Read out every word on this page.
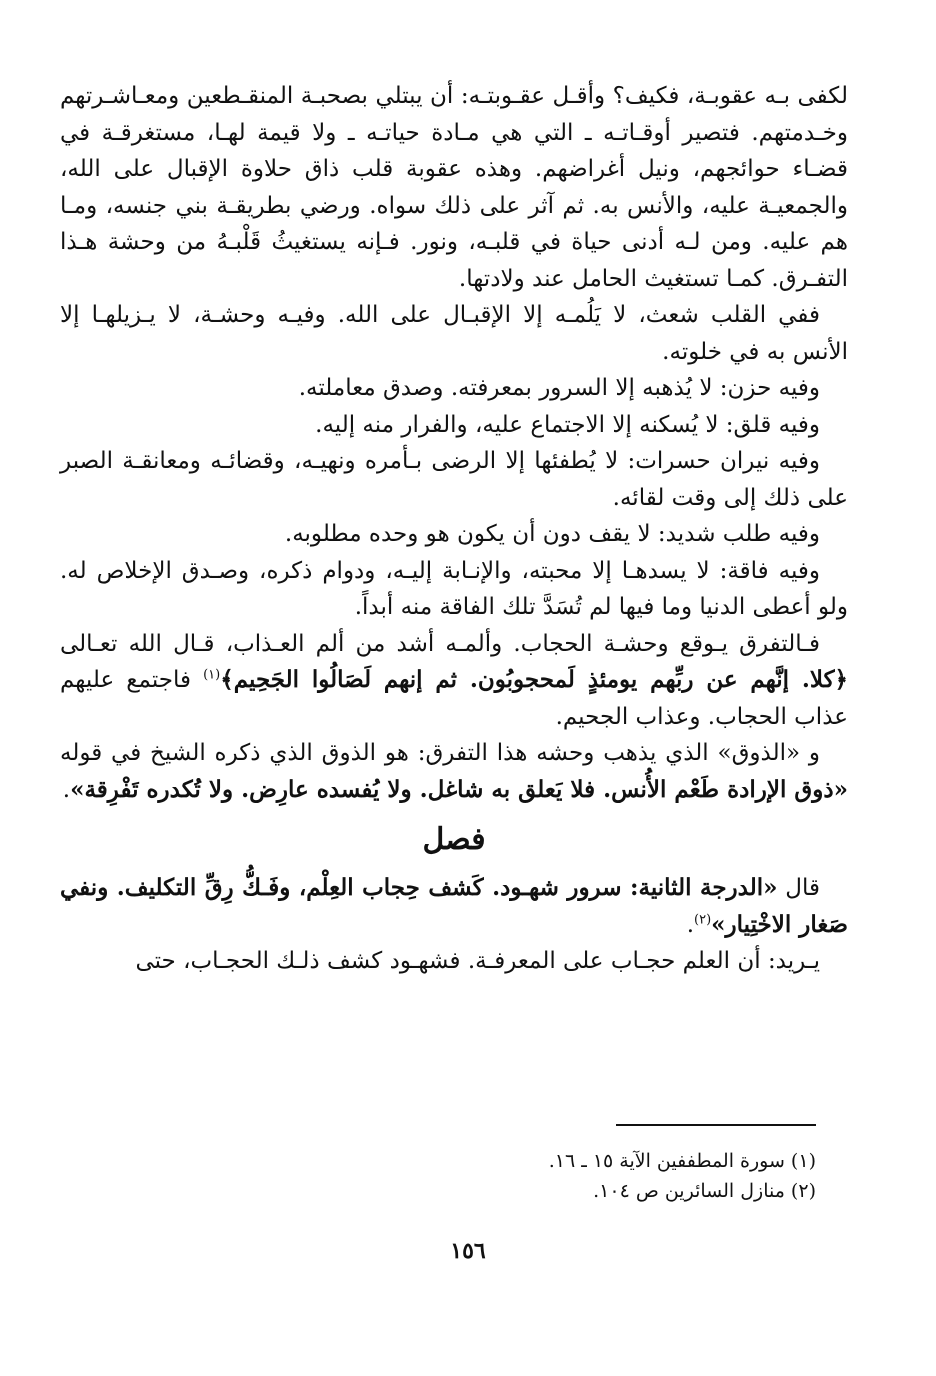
لكفى بـه عقوبـة، فكيف؟ وأقـل عقـوبتـه: أن يبتلي بصحبـة المنقـطعين ومعـاشـرتهم وخـدمتهم. فتصير أوقـاتـه ـ التي هي مـادة حياتـه ـ ولا قيمة لهـا، مستغرقـة في قضـاء حوائجهم، ونيل أغراضهم. وهذه عقوبة قلب ذاق حلاوة الإقبال على الله، والجمعيـة عليه، والأنس به. ثم آثر على ذلك سواه. ورضي بطريقـة بني جنسه، ومـا هم عليه. ومن لـه أدنى حياة في قلبـه، ونور. فـإنه يستغيثُ قَلْبـهُ من وحشة هـذا التفـرق. كمـا تستغيث الحامل عند ولادتها.

ففي القلب شعث، لا يَلُمـه إلا الإقبـال على الله. وفيـه وحشـة، لا يـزيلهـا إلا الأنس به في خلوته.

وفيه حزن: لا يُذهبه إلا السرور بمعرفته. وصدق معاملته.

وفيه قلق: لا يُسكنه إلا الاجتماع عليه، والفرار منه إليه.

وفيه نيران حسرات: لا يُطفئها إلا الرضى بـأمره ونهيـه، وقضائـه ومعانقـة الصبر على ذلك إلى وقت لقائه.

وفيه طلب شديد: لا يقف دون أن يكون هو وحده مطلوبه.

وفيه فاقة: لا يسدهـا إلا محبته، والإنـابة إليـه، ودوام ذكره، وصـدق الإخلاص له. ولو أعطى الدنيا وما فيها لم تُسَدَّ تلك الفاقة منه أبداً.

فـالتفرق يـوقع وحشـة الحجاب. وألمـه أشد من ألم العـذاب، قـال الله تعـالى ﴿كلا. إنَّهم عن ربِّهم يومئذٍ لَمحجوبُون. ثم إنهم لَصَالُوا الجَحِيم﴾$^{(١)}$ فاجتمع عليهم عذاب الحجاب. وعذاب الجحيم.

و «الذوق» الذي يذهب وحشه هذا التفرق: هو الذوق الذي ذكره الشيخ في قوله «ذوق الإرادة طَعْم الأُنس. فلا يَعلق به شاغل. ولا يُفسده عارِض. ولا تُكدره تَفْرِقة».

فصل

قال «الدرجة الثانية: سرور شهـود. كَشف حِجاب العِلْم، وفَـكُّ رِقِّ التكليف. ونفي صَغار الاخْتِيار»$^{(٢)}$.

يـريد: أن العلم حجـاب على المعرفـة. فشهـود كشف ذلـك الحجـاب، حتى

(١) سورة المطففين الآية ١٥ ـ ١٦.
(٢) منازل السائرين ص ١٠٤.
١٥٦
